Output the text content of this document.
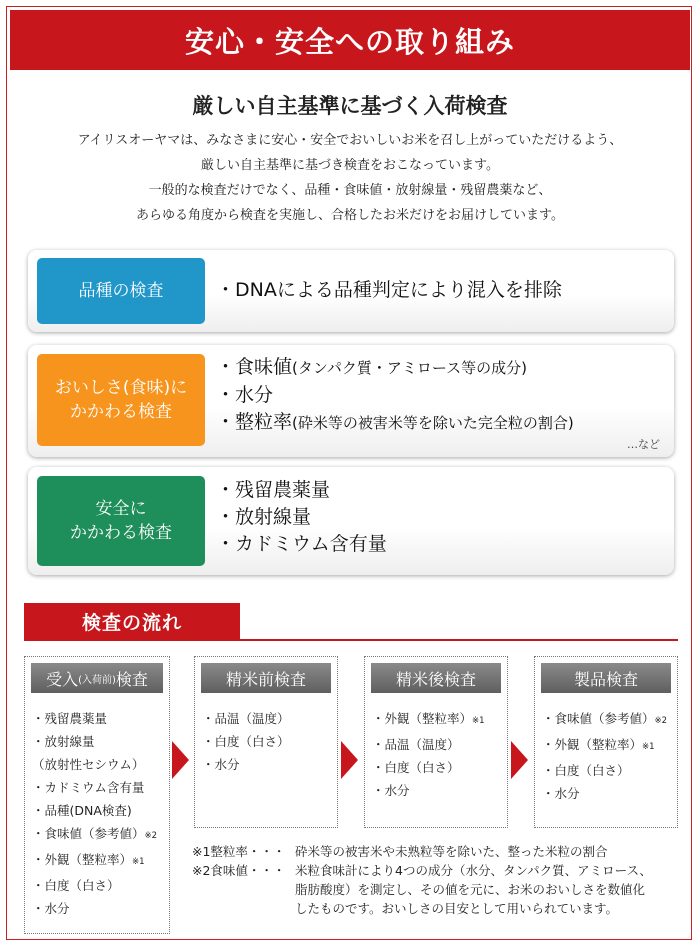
安心・安全への取り組み
厳しい自主基準に基づく入荷検査
アイリスオーヤマは、みなさまに安心・安全でおいしいお米を召し上がっていただけるよう、
厳しい自主基準に基づき検査をおこなっています。
一般的な検査だけでなく、品種・食味値・放射線量・残留農薬など、
あらゆる角度から検査を実施し、合格したお米だけをお届けしています。
品種の検査	・DNAによる品種判定により混入を排除
おいしさ(食味)に
かかわる検査
・食味値(タンパク質・アミロース等の成分)
・水分
・整粒率(砕米等の被害米等を除いた完全粒の割合)
…など
安全に
かかわる検査
・残留農薬量
・放射線量
・カドミウム含有量
検査の流れ
受入 (入荷前) 検査
・残留農薬量
・放射線量
（放射性セシウム）
・カドミウム含有量
・品種(DNA検査)
・食味値（参考値）※2
・外観（整粒率）※1
・白度（白さ）
・水分
精米前検査
・品温（温度）
・白度（白さ）
・水分
精米後検査
・外観（整粒率）※1
・品温（温度）
・白度（白さ）
・水分
製品検査
・食味値（参考値）※2
・外観（整粒率）※1
・白度（白さ）
・水分
※1整粒率・・・ 砕米等の被害米や未熟粒等を除いた、整った米粒の割合
※2食味値・・・ 米粒食味計により4つの成分（水分、タンパク質、アミロース、
脂肪酸度）を測定し、その値を元に、お米のおいしさを数値化
したものです。おいしさの目安として用いられています。
